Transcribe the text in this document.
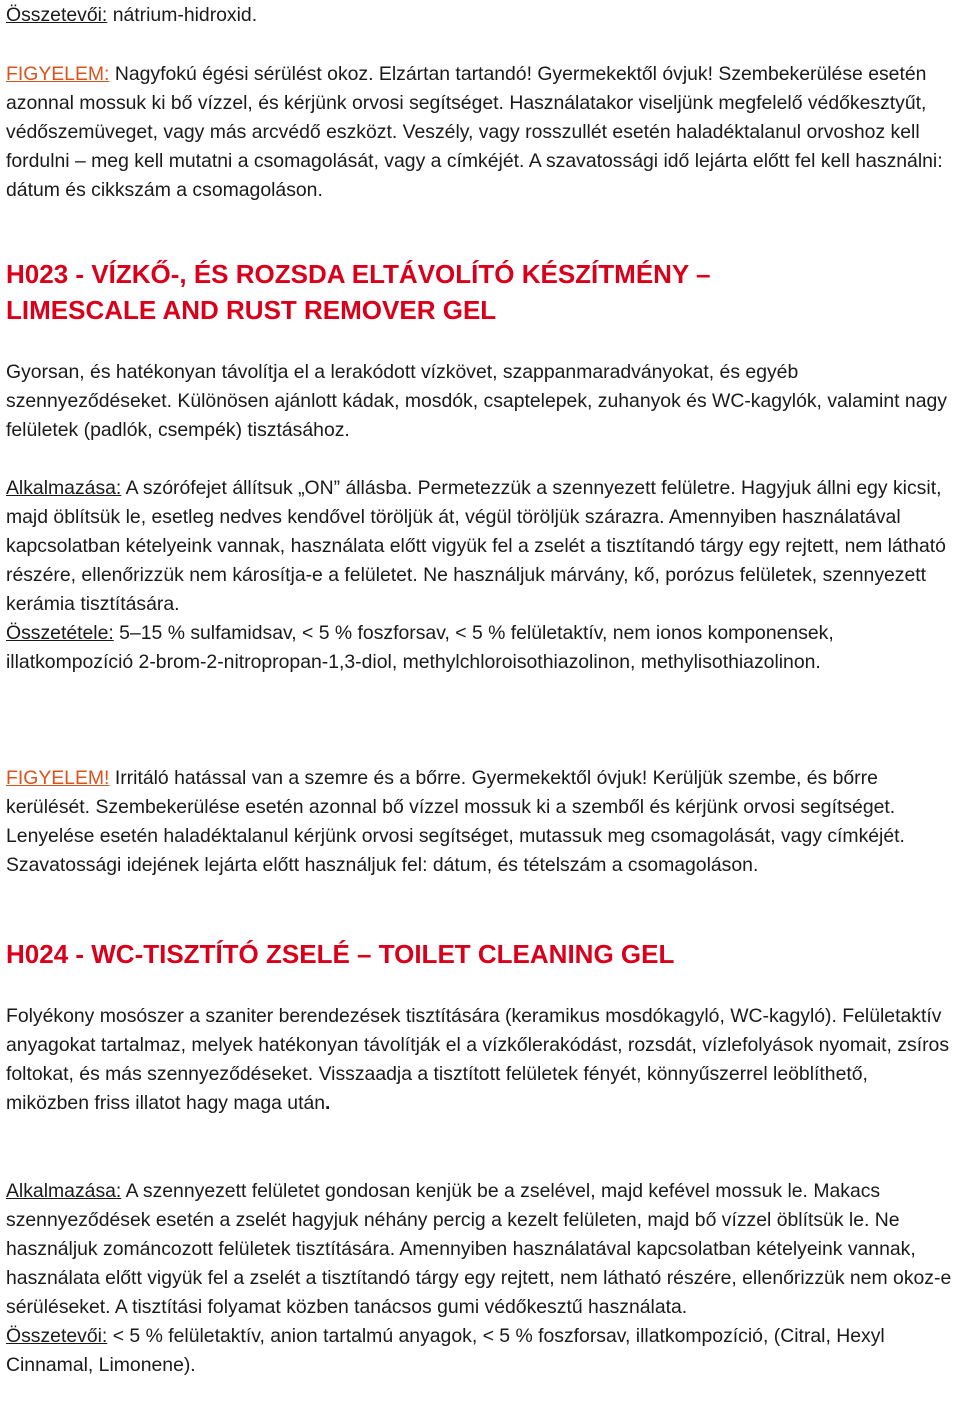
Összetevői: nátrium-hidroxid.
FIGYELEM: Nagyfokú égési sérülést okoz. Elzártan tartandó! Gyermekektől óvjuk! Szembekerülése esetén azonnal mossuk ki bő vízzel, és kérjünk orvosi segítséget. Használatakor viseljünk megfelelő védőkesztyűt, védőszemüveget, vagy más arcvédő eszközt. Veszély, vagy rosszullét esetén haladéktalanul orvoshoz kell fordulni – meg kell mutatni a csomagolását, vagy a címkéjét. A szavatossági idő lejárta előtt fel kell használni: dátum és cikkszám a csomagoláson.
H023 - VÍZKŐ-, ÉS ROZSDA ELTÁVOLÍTÓ KÉSZÍTMÉNY –
LIMESCALE AND RUST REMOVER GEL
Gyorsan, és hatékonyan távolítja el a lerakódott vízkövet, szappanmaradványokat, és egyéb szennyeződéseket. Különösen ajánlott kádak, mosdók, csaptelepek, zuhanyok és WC-kagylók, valamint nagy felületek (padlók, csempék) tisztásához.
Alkalmazása: A szórófejet állítsuk „ON” állásba. Permetezzük a szennyezett felületre. Hagyjuk állni egy kicsit, majd öblítsük le, esetleg nedves kendővel töröljük át, végül töröljük szárazra. Amennyiben használatával kapcsolatban kételyeink vannak, használata előtt vigyük fel a zselét a tisztítandó tárgy egy rejtett, nem látható részére, ellenőrizzük nem károsítja-e a felületet. Ne használjuk márvány, kő, porózus felületek, szennyezett kerámia tisztítására.
Összetétele: 5–15 % sulfamidsav, < 5 % foszforsav, < 5 % felületaktív, nem ionos komponensek, illatkompozíció 2-brom-2-nitropropan-1,3-diol, methylchloroisothiazolinon, methylisothiazolinon.
FIGYELEM! Irritáló hatással van a szemre és a bőrre. Gyermekektől óvjuk! Kerüljük szembe, és bőrre kerülését. Szembekerülése esetén azonnal bő vízzel mossuk ki a szemből és kérjünk orvosi segítséget. Lenyelése esetén haladéktalanul kérjünk orvosi segítséget, mutassuk meg csomagolását, vagy címkéjét. Szavatossági idejének lejárta előtt használjuk fel: dátum, és tételszám a csomagoláson.
H024 - WC-TISZTÍTÓ ZSELÉ – TOILET CLEANING GEL
Folyékony mosószer a szaniter berendezések tisztítására (keramikus mosdókagyló, WC-kagyló). Felületaktív anyagokat tartalmaz, melyek hatékonyan távolítják el a vízkőlerakódást, rozsdát, vízlefolyások nyomait, zsíros foltokat, és más szennyeződéseket. Visszaadja a tisztított felületek fényét, könnyűszerrel leöblíthető, miközben friss illatot hagy maga után.
Alkalmazása: A szennyezett felületet gondosan kenjük be a zselével, majd kefével mossuk le. Makacs szennyeződések esetén a zselét hagyjuk néhány percig a kezelt felületen, majd bő vízzel öblítsük le. Ne használjuk zománcozott felületek tisztítására. Amennyiben használatával kapcsolatban kételyeink vannak, használata előtt vigyük fel a zselét a tisztítandó tárgy egy rejtett, nem látható részére, ellenőrizzük nem okoz-e sérüléseket. A tisztítási folyamat közben tanácsos gumi védőkesztű használata.
Összetevői: < 5 % felületaktív, anion tartalmú anyagok, < 5 % foszforsav, illatkompozíció, (Citral, Hexyl Cinnamal, Limonene).
